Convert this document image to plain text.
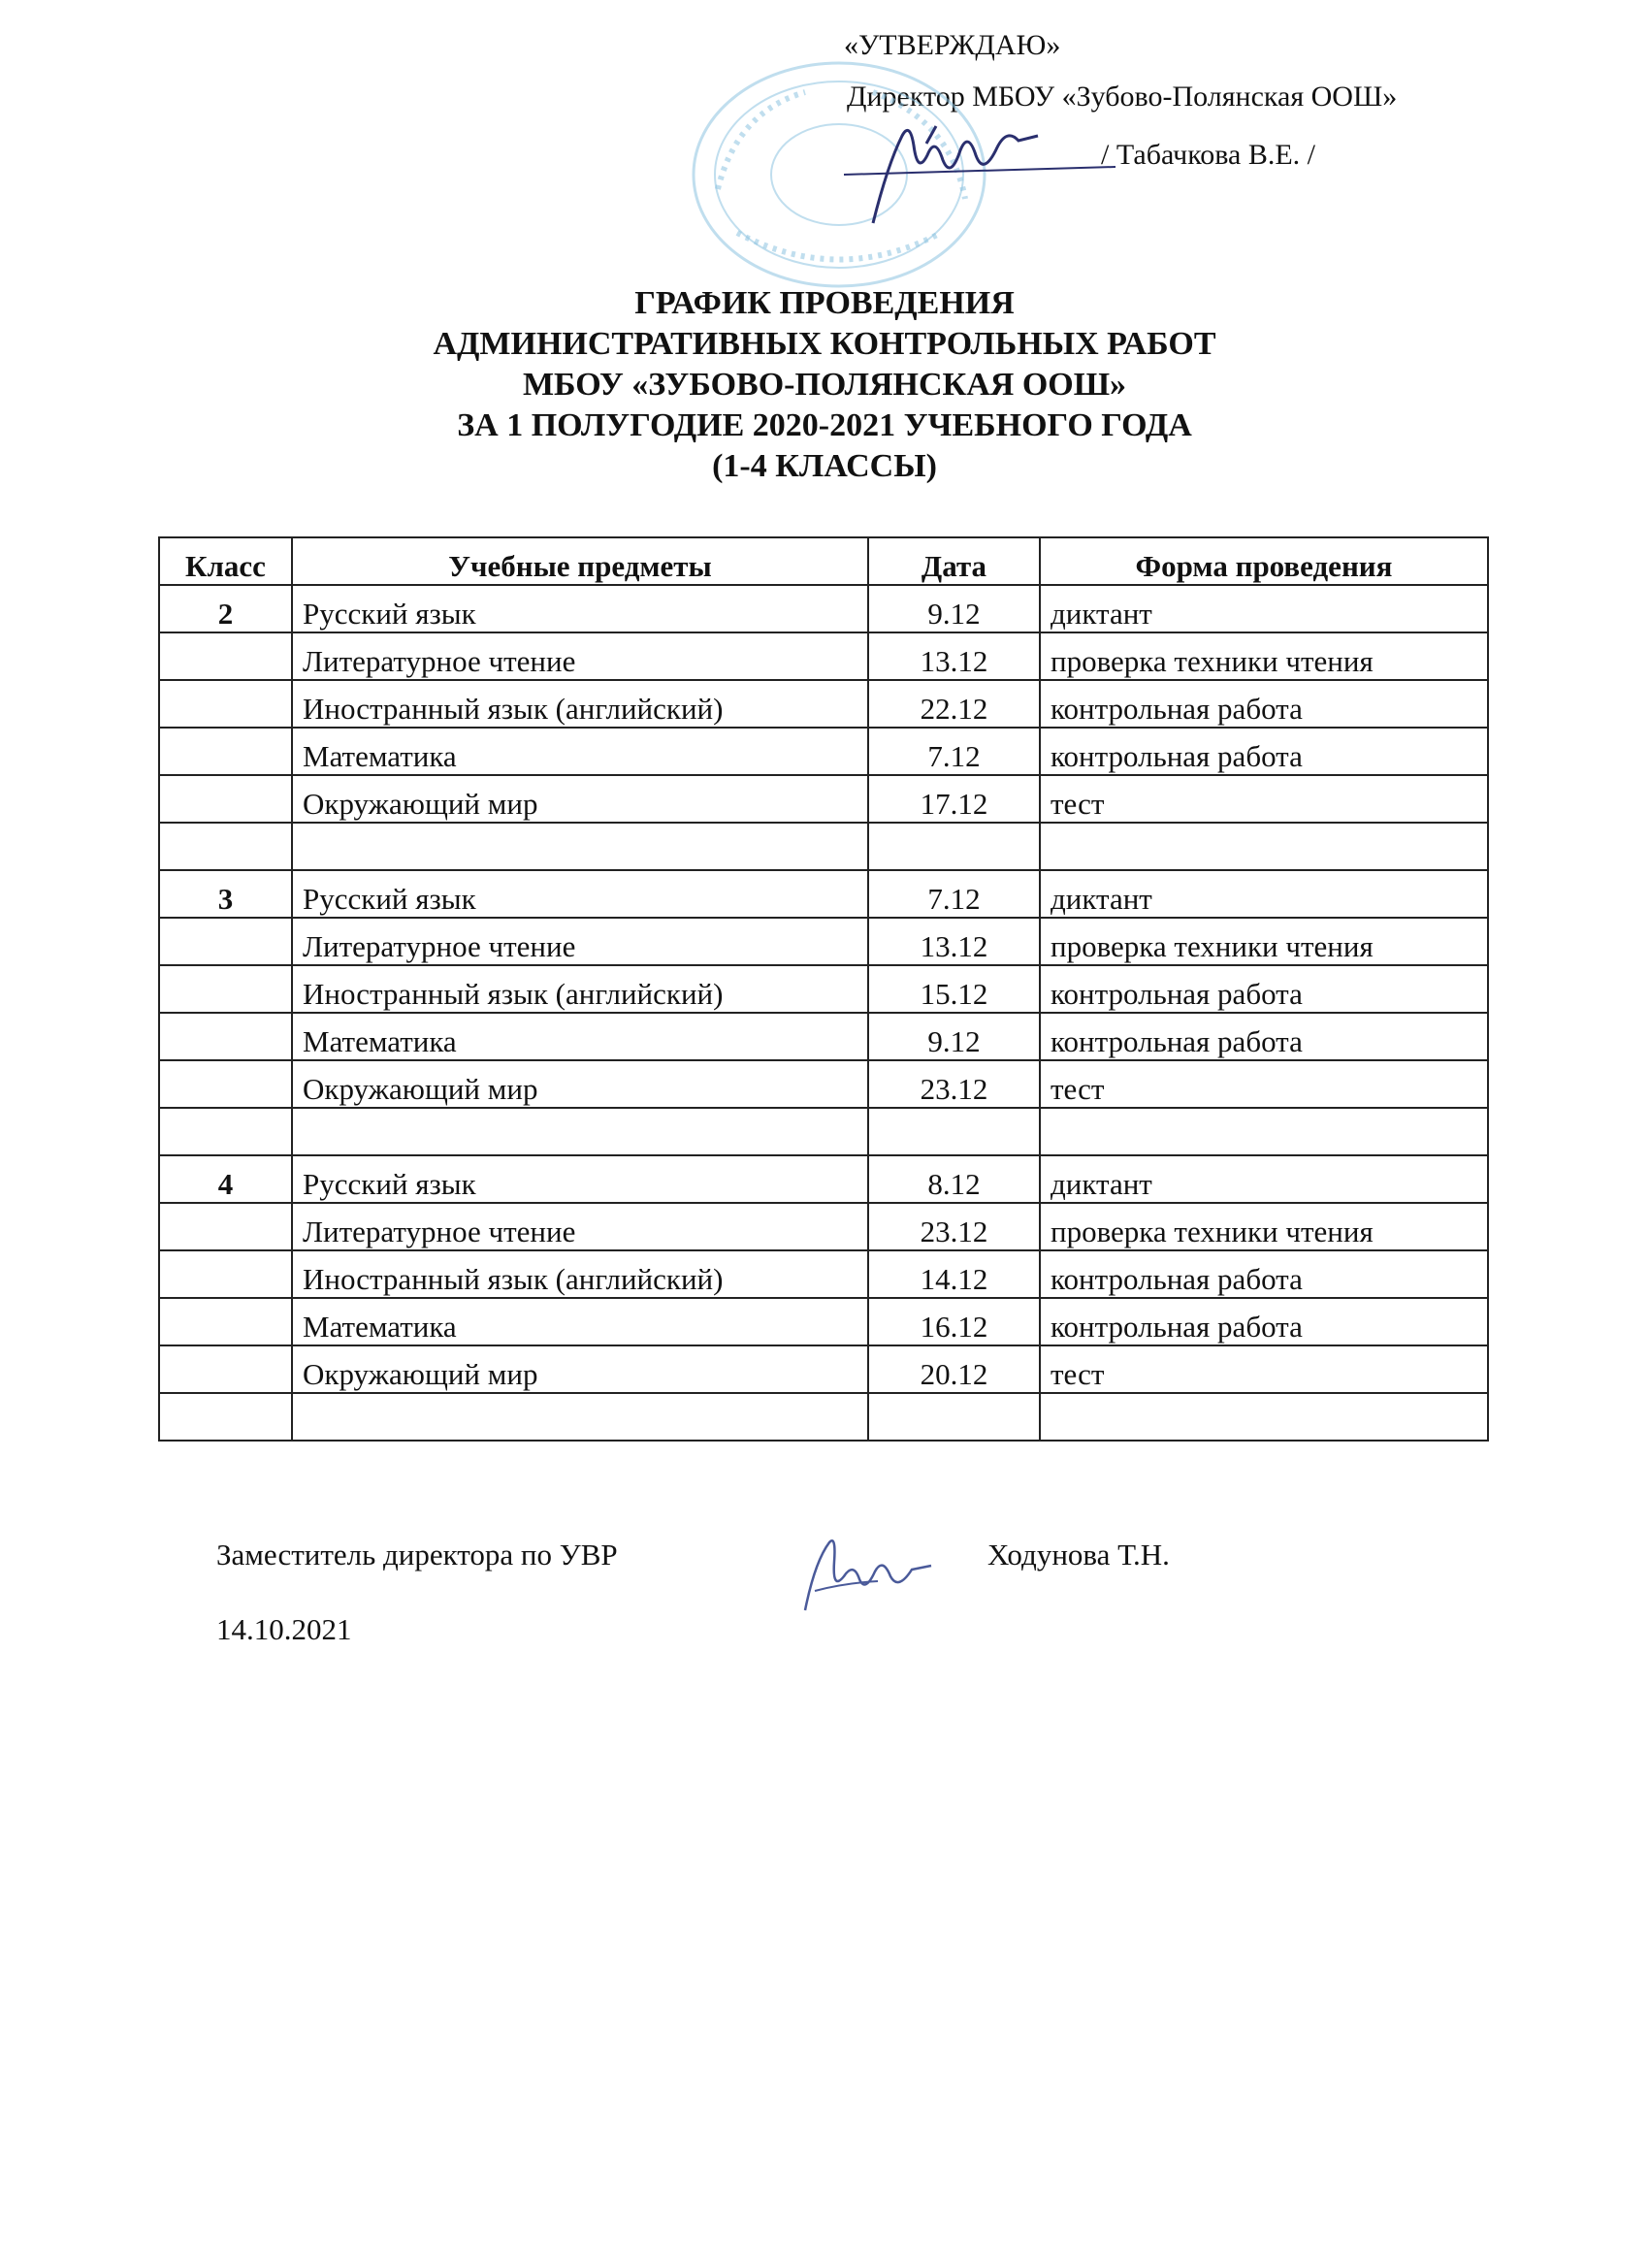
«УТВЕРЖДАЮ»
Директор МБОУ «Зубово-Полянская ООШ»
/ Табачкова В.Е. /
ГРАФИК ПРОВЕДЕНИЯ
АДМИНИСТРАТИВНЫХ КОНТРОЛЬНЫХ РАБОТ
МБОУ «ЗУБОВО-ПОЛЯНСКАЯ ООШ»
ЗА 1 ПОЛУГОДИЕ 2020-2021 УЧЕБНОГО ГОДА
(1-4 КЛАССЫ)
Класс	Учебные предметы	Дата	Форма проведения
2	Русский язык	9.12	диктант
	Литературное чтение	13.12	проверка техники чтения
	Иностранный язык (английский)	22.12	контрольная работа
	Математика	7.12	контрольная работа
	Окружающий мир	17.12	тест

3	Русский язык	7.12	диктант
	Литературное чтение	13.12	проверка техники чтения
	Иностранный язык (английский)	15.12	контрольная работа
	Математика	9.12	контрольная работа
	Окружающий мир	23.12	тест

4	Русский язык	8.12	диктант
	Литературное чтение	23.12	проверка техники чтения
	Иностранный язык (английский)	14.12	контрольная работа
	Математика	16.12	контрольная работа
	Окружающий мир	20.12	тест

Заместитель директора по УВР	Ходунова Т.Н.
14.10.2021
